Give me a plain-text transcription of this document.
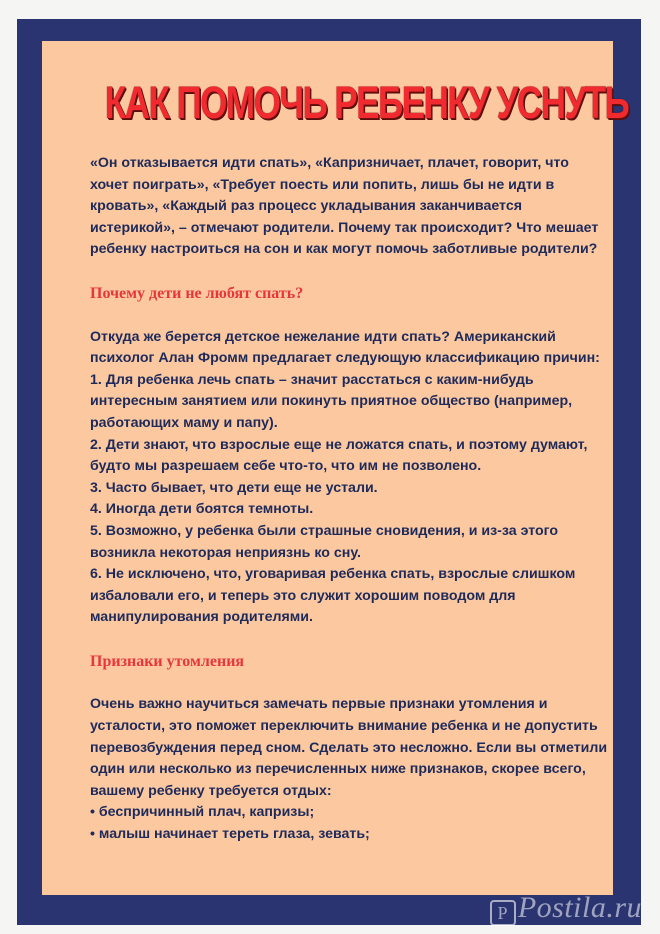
КАК ПОМОЧЬ РЕБЕНКУ УСНУТЬ

«Он отказывается идти спать», «Капризничает, плачет, говорит, что хочет поиграть», «Требует поесть или попить, лишь бы не идти в кровать», «Каждый раз процесс укладывания заканчивается истерикой», – отмечают родители. Почему так происходит? Что мешает ребенку настроиться на сон и как могут помочь заботливые родители?

Почему дети не любят спать?

Откуда же берется детское нежелание идти спать? Американский психолог Алан Фромм предлагает следующую классификацию причин:

1. Для ребенка лечь спать – значит расстаться с каким-нибудь интересным занятием или покинуть приятное общество (например, работающих маму и папу).

2. Дети знают, что взрослые еще не ложатся спать, и поэтому думают, будто мы разрешаем себе что-то, что им не позволено.

3. Часто бывает, что дети еще не устали.

4. Иногда дети боятся темноты.

5. Возможно, у ребенка были страшные сновидения, и из-за этого возникла некоторая неприязнь ко сну.

6. Не исключено, что, уговаривая ребенка спать, взрослые слишком избаловали его, и теперь это служит хорошим поводом для манипулирования родителями.

Признаки утомления

Очень важно научиться замечать первые признаки утомления и усталости, это поможет переключить внимание ребенка и не допустить перевозбуждения перед сном. Сделать это несложно. Если вы отметили один или несколько из перечисленных ниже признаков, скорее всего, вашему ребенку требуется отдых:

• беспричинный плач, капризы;

• малыш начинает тереть глаза, зевать;

P Postila.ru
